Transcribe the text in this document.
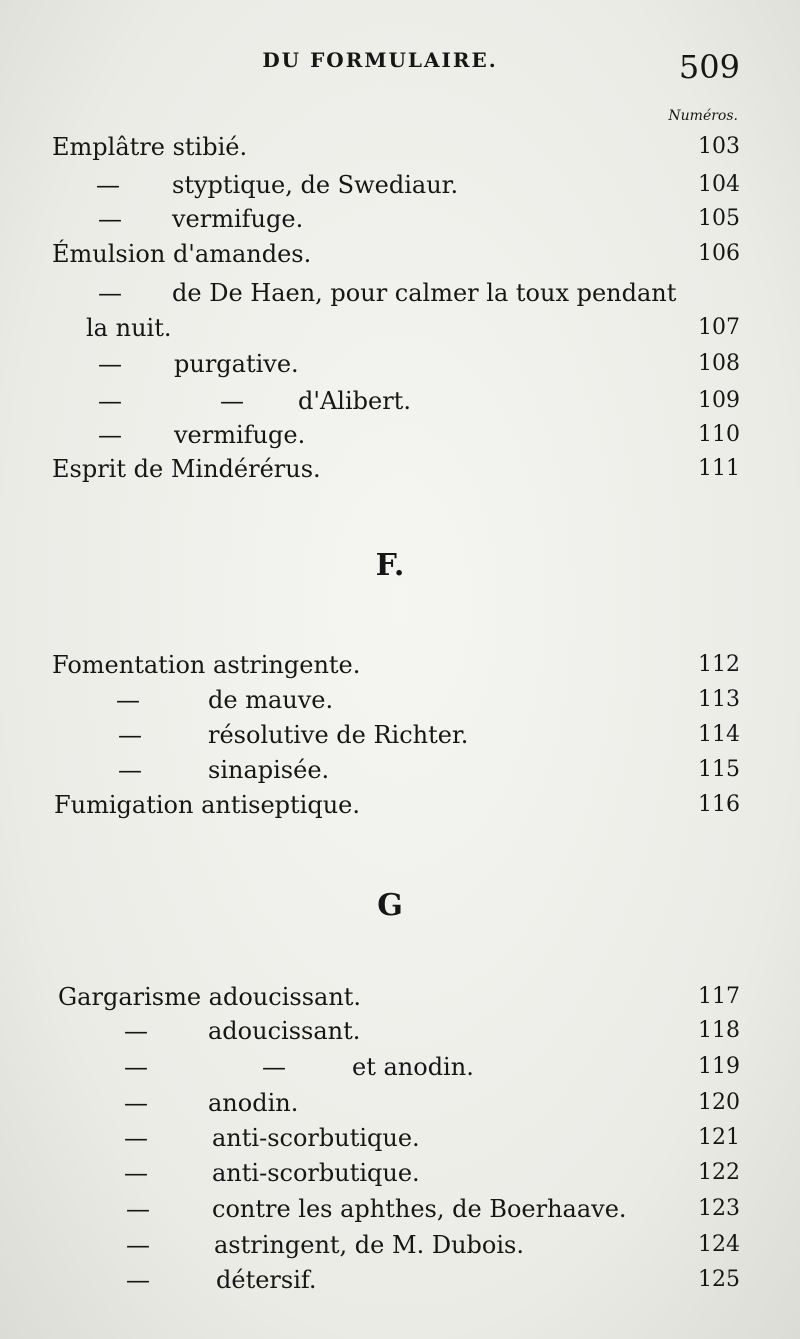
DU FORMULAIRE.	509
Numéros.
Emplâtre stibié.	103
— styptique, de Swediaur.	104
— vermifuge.	105
Émulsion d'amandes.	106
— de De Haen, pour calmer la toux pendant
la nuit.	107
— purgative.	108
—	— d'Alibert.	109
— vermifuge.	110
Esprit de Mindérérus.	111
F.
Fomentation astringente.	112
—	de mauve.	113
—	résolutive de Richter.	114
—	sinapisée.	115
Fumigation antiseptique.	116
G
Gargarisme adoucissant.	117
—	adoucissant.	118
—	—	et anodin.	119
—	anodin.	120
—	anti-scorbutique.	121
—	anti-scorbutique.	122
—	contre les aphthes, de Boerhaave.	123
—	astringent, de M. Dubois.	124
—	détersif.	125
